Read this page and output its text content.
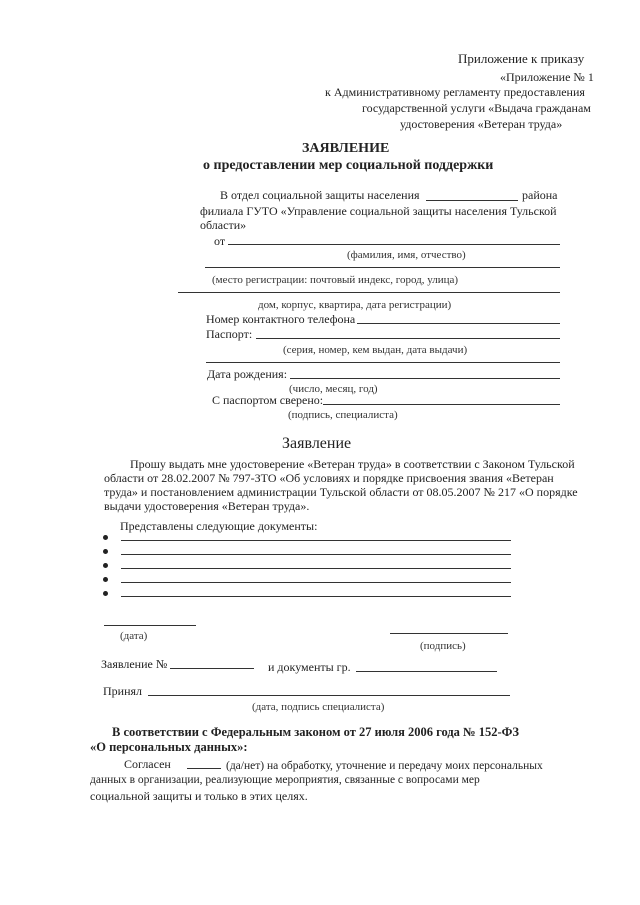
Приложение к приказу
«Приложение № 1
к Административному регламенту предоставления
государственной услуги «Выдача гражданам
удостоверения «Ветеран труда»
ЗАЯВЛЕНИЕ
о предоставлении мер социальной поддержки
В отдел социальной защиты населения	района
филиала ГУТО «Управление социальной защиты населения Тульской
области»
от
(фамилия, имя, отчество)
(место регистрации: почтовый индекс, город, улица)
дом, корпус, квартира, дата регистрации)
Номер контактного телефона
Паспорт:
(серия, номер, кем выдан, дата выдачи)
Дата рождения:
(число, месяц, год)
С паспортом сверено:
(подпись, специалиста)
Заявление
Прошу выдать мне удостоверение «Ветеран труда» в соответствии с Законом Тульской
области от 28.02.2007 № 797-ЗТО «Об условиях и порядке присвоения звания «Ветеран
труда» и постановлением администрации Тульской области от 08.05.2007 № 217 «О порядке
выдачи удостоверения «Ветеран труда».
Представлены следующие документы:
(дата)
(подпись)
Заявление №	и документы гр.
Принял
(дата, подпись специалиста)
В соответствии с Федеральным законом от 27 июля 2006 года № 152-ФЗ
«О персональных данных»:
Согласен	(да/нет) на обработку, уточнение и передачу моих персональных
данных в организации, реализующие мероприятия, связанные с вопросами мер
социальной защиты и только в этих целях.
